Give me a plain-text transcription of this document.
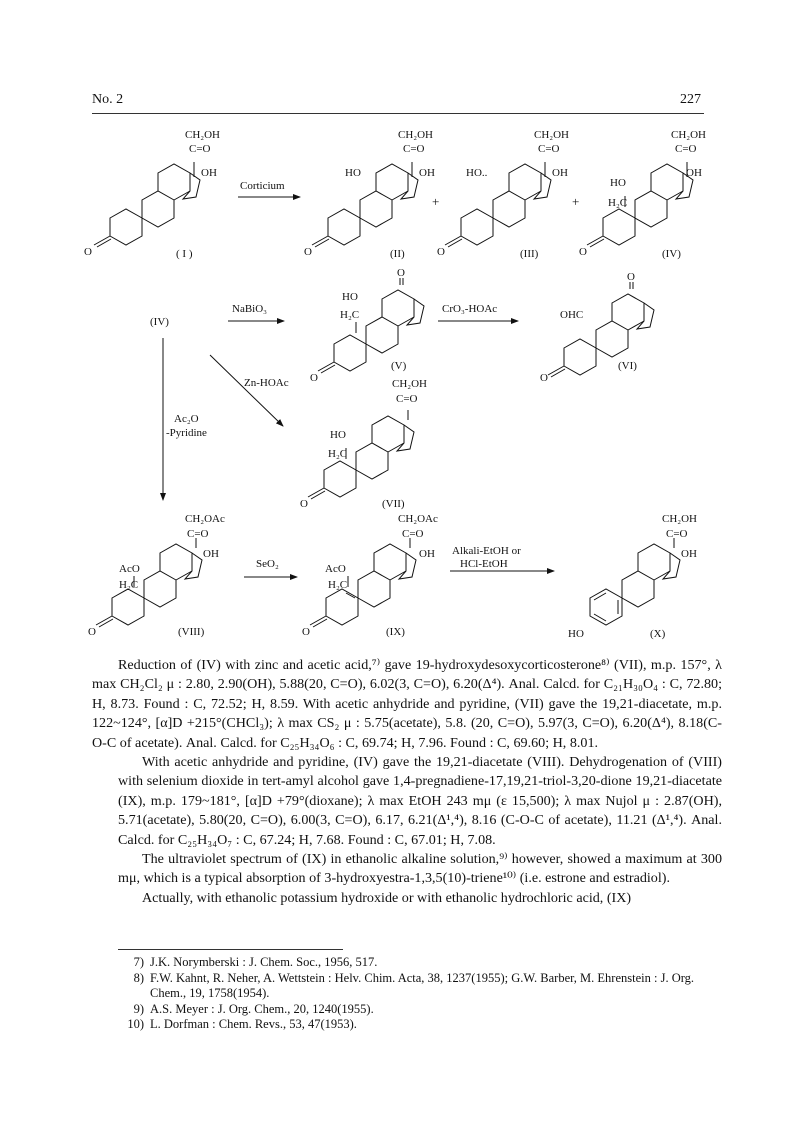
No. 2	227
CH₂OH
C=O
OH
O	( I )
Corticium
CH₂OH
C=O
OH
HO
O	(II)
+
CH₂OH
C=O
OH
HO..
O	(III)
+
CH₂OH
C=O
OH
HO
H₂C
O	(IV)
(IV)
NaBiO₃
O
HO
H₂C
O
(V)
CrO₃-HOAc
O
OHC
O
(VI)
Zn-HOAc	CH₂OH
C=O
HO
H₂C
O	(VII)
Ac₂O
-Pyridine
CH₂OAc
C=O
OH
AcO
H₂C
O	(VIII)
SeO₂
CH₂OAc
C=O
OH
AcO
H₂C
O	(IX)
Alkali-EtOH or
HCl-EtOH
CH₂OH
C=O
OH
HO	(X)

Reduction of (IV) with zinc and acetic acid,⁷⁾ gave 19-hydroxydesoxycorticosterone⁸⁾ (VII), m.p. 157°, λ max CH₂Cl₂ μ : 2.80, 2.90(OH), 5.88(20, C=O), 6.02(3, C=O), 6.20(Δ⁴). Anal. Calcd. for C₂₁H₃₀O₄ : C, 72.80; H, 8.73. Found : C, 72.52; H, 8.59. With acetic anhydride and pyridine, (VII) gave the 19,21-diacetate, m.p. 122~124°, [α]D +215°(CHCl₃); λ max CS₂ μ : 5.75(acetate), 5.8. (20, C=O), 5.97(3, C=O), 6.20(Δ⁴), 8.18(C-O-C of acetate). Anal. Calcd. for C₂₅H₃₄O₆ : C, 69.74; H, 7.96. Found : C, 69.60; H, 8.01.

With acetic anhydride and pyridine, (IV) gave the 19,21-diacetate (VIII). Dehydrogenation of (VIII) with selenium dioxide in tert-amyl alcohol gave 1,4-pregnadiene-17,19,21-triol-3,20-dione 19,21-diacetate (IX), m.p. 179~181°, [α]D +79°(dioxane); λ max EtOH 243 mμ (ε 15,500); λ max Nujol μ : 2.87(OH), 5.71(acetate), 5.80(20, C=O), 6.00(3, C=O), 6.17, 6.21(Δ¹,⁴), 8.16 (C-O-C of acetate), 11.21 (Δ¹,⁴). Anal. Calcd. for C₂₅H₃₄O₇ : C, 67.24; H, 7.68. Found : C, 67.01; H, 7.08.

The ultraviolet spectrum of (IX) in ethanolic alkaline solution,⁹⁾ however, showed a maximum at 300 mμ, which is a typical absorption of 3-hydroxyestra-1,3,5(10)-triene¹⁰⁾ (i.e. estrone and estradiol).

Actually, with ethanolic potassium hydroxide or with ethanolic hydrochloric acid, (IX)

7) J.K. Norymberski : J. Chem. Soc., 1956, 517.
8) F.W. Kahnt, R. Neher, A. Wettstein : Helv. Chim. Acta, 38, 1237(1955); G.W. Barber, M. Ehrenstein : J. Org. Chem., 19, 1758(1954).
9) A.S. Meyer : J. Org. Chem., 20, 1240(1955).
10) L. Dorfman : Chem. Revs., 53, 47(1953).
